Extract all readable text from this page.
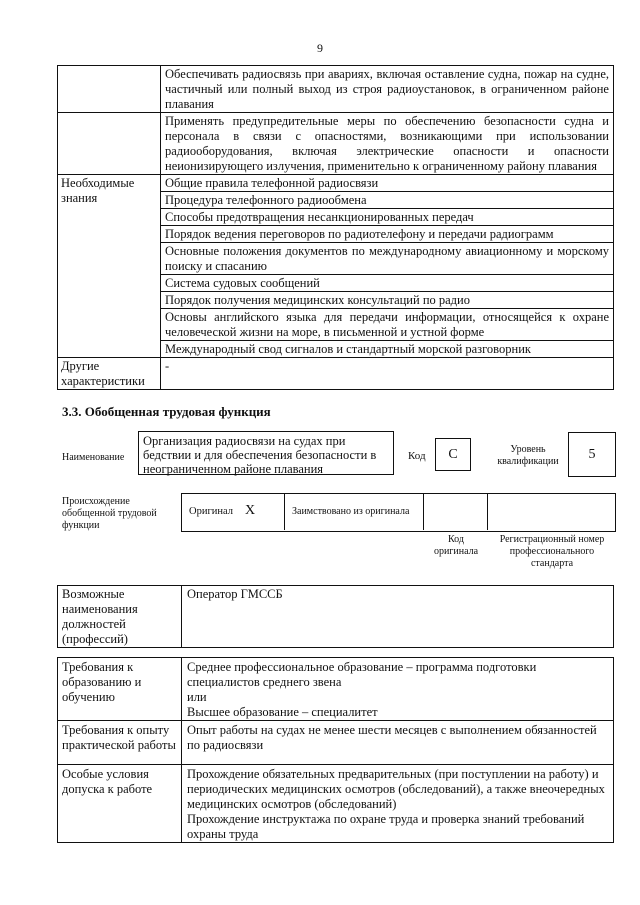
9
	Обеспечивать радиосвязь при авариях, включая оставление судна, пожар на судне, частичный или полный выход из строя радиоустановок, в ограниченном районе плавания
	Применять предупредительные меры по обеспечению безопасности судна и персонала в связи с опасностями, возникающими при использовании радиооборудования, включая электрические опасности и опасности неионизирующего излучения, применительно к ограниченному району плавания
Необходимые знания	Общие правила телефонной радиосвязи
	Процедура телефонного радиообмена
	Способы предотвращения несанкционированных передач
	Порядок ведения переговоров по радиотелефону и передачи радиограмм
	Основные положения документов по международному авиационному и морскому поиску и спасанию
	Система судовых сообщений
	Порядок получения медицинских консультаций по радио
	Основы английского языка для передачи информации, относящейся к охране человеческой жизни на море, в письменной и устной форме
	Международный свод сигналов и стандартный морской разговорник
Другие характеристики	-
3.3. Обобщенная трудовая функция
Наименование
Организация радиосвязи на судах при бедствии и для обеспечения безопасности в неограниченном районе плавания
Код	С	Уровень квалификации	5
Происхождение обобщенной трудовой функции
Оригинал Х	Заимствовано из оригинала
Код оригинала
Регистрационный номер профессионального стандарта
Возможные наименования должностей (профессий)	Оператор ГМССБ
Требования к образованию и обучению	Среднее профессиональное образование – программа подготовки специалистов среднего звена
или
Высшее образование – специалитет

Требования к опыту практической работы	Опыт работы на судах не менее шести месяцев с выполнением обязанностей по радиосвязи
Особые условия допуска к работе	Прохождение обязательных предварительных (при поступлении на работу) и периодических медицинских осмотров (обследований), а также внеочередных медицинских осмотров (обследований)
Прохождение инструктажа по охране труда и проверка знаний требований охраны труда
